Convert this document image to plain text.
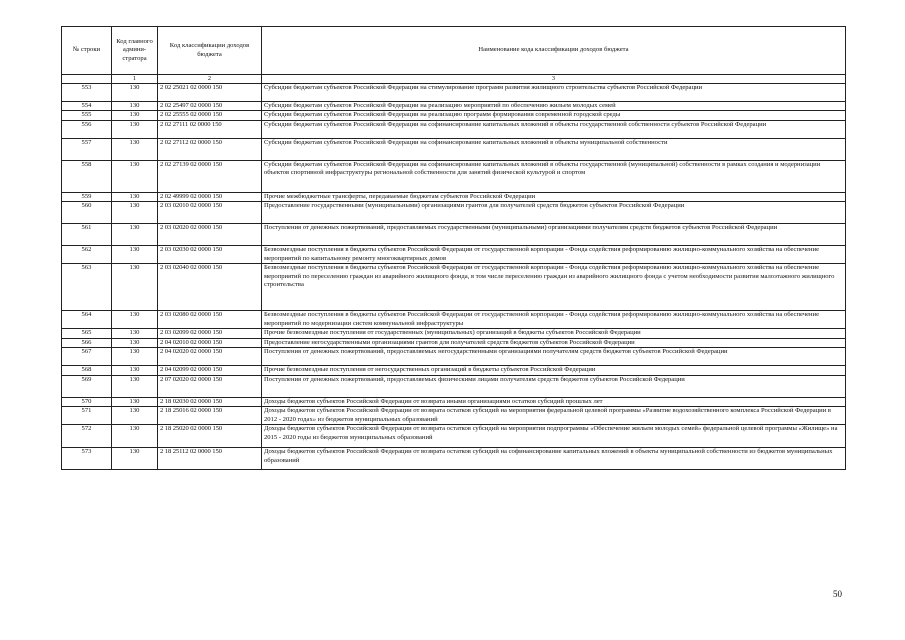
№ строки	Код главного админи-стратора	Код классификации доходов бюджета	Наименование кода классификации доходов бюджета
	1	2	3
553	130	2 02 25021 02 0000 150	Субсидии бюджетам субъектов Российской Федерации на стимулирование программ развития жилищного строительства субъектов Российской Федерации
554	130	2 02 25497 02 0000 150	Субсидии бюджетам субъектов Российской Федерации на реализацию мероприятий по обеспечению жильем молодых семей
555	130	2 02 25555 02 0000 150	Субсидии бюджетам субъектов Российской Федерации на реализацию программ формирования современной городской среды
556	130	2 02 27111 02 0000 150	Субсидии бюджетам субъектов Российской Федерации на софинансирование капитальных вложений в объекты государственной собственности субъектов Российской Федерации
557	130	2 02 27112 02 0000 150	Субсидии бюджетам субъектов Российской Федерации на софинансирование капитальных вложений в объекты муниципальной собственности
558	130	2 02 27139 02 0000 150	Субсидии бюджетам субъектов Российской Федерации на софинансирование капитальных вложений в объекты государственной (муниципальной) собственности в рамках создания и модернизации объектов спортивной инфраструктуры региональной собственности для занятий физической культурой и спортом
559	130	2 02 49999 02 0000 150	Прочие межбюджетные трансферты, передаваемые бюджетам субъектов Российской Федерации
560	130	2 03 02010 02 0000 150	Предоставление государственными (муниципальными) организациями грантов для получателей средств бюджетов субъектов Российской Федерации
561	130	2 03 02020 02 0000 150	Поступления от денежных пожертвований, предоставляемых государственными (муниципальными) организациями получателям средств бюджетов субъектов Российской Федерации
562	130	2 03 02030 02 0000 150	Безвозмездные поступления в бюджеты субъектов Российской Федерации от государственной корпорации - Фонда содействия реформированию жилищно-коммунального хозяйства на обеспечение мероприятий по капитальному ремонту многоквартирных домов
563	130	2 03 02040 02 0000 150	Безвозмездные поступления в бюджеты субъектов Российской Федерации от государственной корпорации - Фонда содействия реформированию жилищно-коммунального хозяйства на обеспечение мероприятий по переселению граждан из аварийного жилищного фонда, в том числе переселению граждан из аварийного жилищного фонда с учетом необходимости развития малоэтажного жилищного строительства
564	130	2 03 02080 02 0000 150	Безвозмездные поступления в бюджеты субъектов Российской Федерации от государственной корпорации - Фонда содействия реформированию жилищно-коммунального хозяйства на обеспечение мероприятий по модернизации систем коммунальной инфраструктуры
565	130	2 03 02099 02 0000 150	Прочие безвозмездные поступления от государственных (муниципальных) организаций в бюджеты субъектов Российской Федерации
566	130	2 04 02010 02 0000 150	Предоставление негосударственными организациями грантов для получателей средств бюджетов субъектов Российской Федерации
567	130	2 04 02020 02 0000 150	Поступления от денежных пожертвований, предоставляемых негосударственными организациями получателям средств бюджетов субъектов Российской Федерации
568	130	2 04 02099 02 0000 150	Прочие безвозмездные поступления от негосударственных организаций в бюджеты субъектов Российской Федерации
569	130	2 07 02020 02 0000 150	Поступления от денежных пожертвований, предоставляемых физическими лицами получателям средств бюджетов субъектов Российской Федерации
570	130	2 18 02030 02 0000 150	Доходы бюджетов субъектов Российской Федерации от возврата иными организациями остатков субсидий прошлых лет
571	130	2 18 25016 02 0000 150	Доходы бюджетов субъектов Российской Федерации от возврата остатков субсидий на мероприятия федеральной целевой программы «Развитие водохозяйственного комплекса Российской Федерации в 2012 - 2020 годах» из бюджетов муниципальных образований
572	130	2 18 25020 02 0000 150	Доходы бюджетов субъектов Российской Федерации от возврата остатков субсидий на мероприятия подпрограммы «Обеспечение жильем молодых семей» федеральной целевой программы «Жилище» на 2015 - 2020 годы из бюджетов муниципальных образований
573	130	2 18 25112 02 0000 150	Доходы бюджетов субъектов Российской Федерации от возврата остатков субсидий на софинансирование капитальных вложений в объекты муниципальной собственности из бюджетов муниципальных образований
50
